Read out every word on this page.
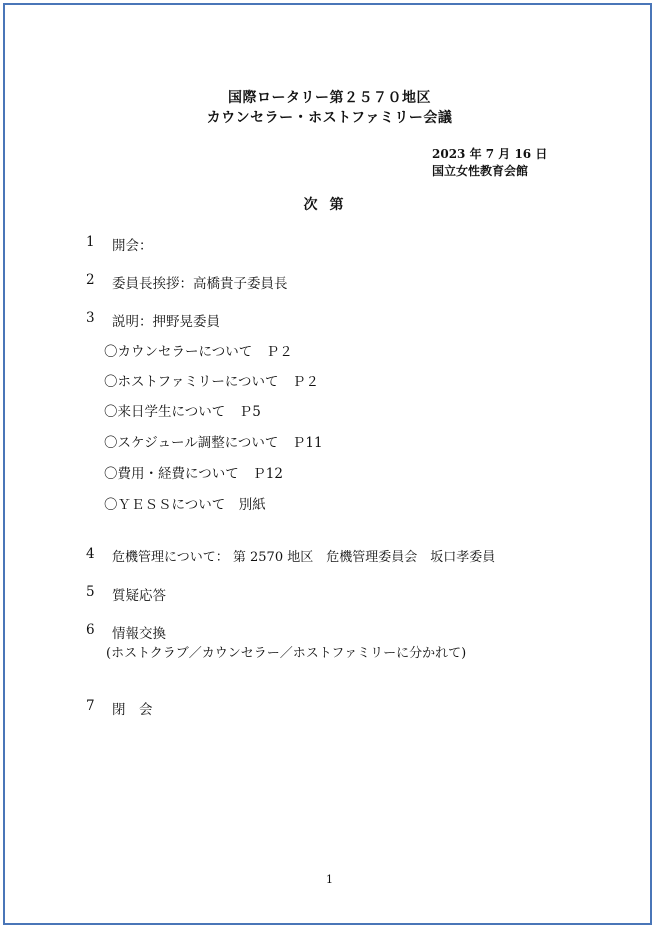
国際ロータリー第２５７０地区
カウンセラー・ホストファミリー会議
2023 年 7 月 16 日
国立女性教育会館
次第
1 開会：
2 委員長挨拶：高橋貴子委員長
3 説明：押野晃委員
〇カウンセラーについて　Ｐ２
〇ホストファミリーについて　Ｐ２
〇来日学生について　Ｐ5
〇スケジュール調整について　Ｐ11
〇費用・経費について　Ｐ12
〇ＹＥＳＳについて　別紙
4 危機管理について： 第 2570 地区　危機管理委員会　坂口孝委員
5 質疑応答
6 情報交換
(ホストクラブ／カウンセラー／ホストファミリーに分かれて)
7 閉　会
1
